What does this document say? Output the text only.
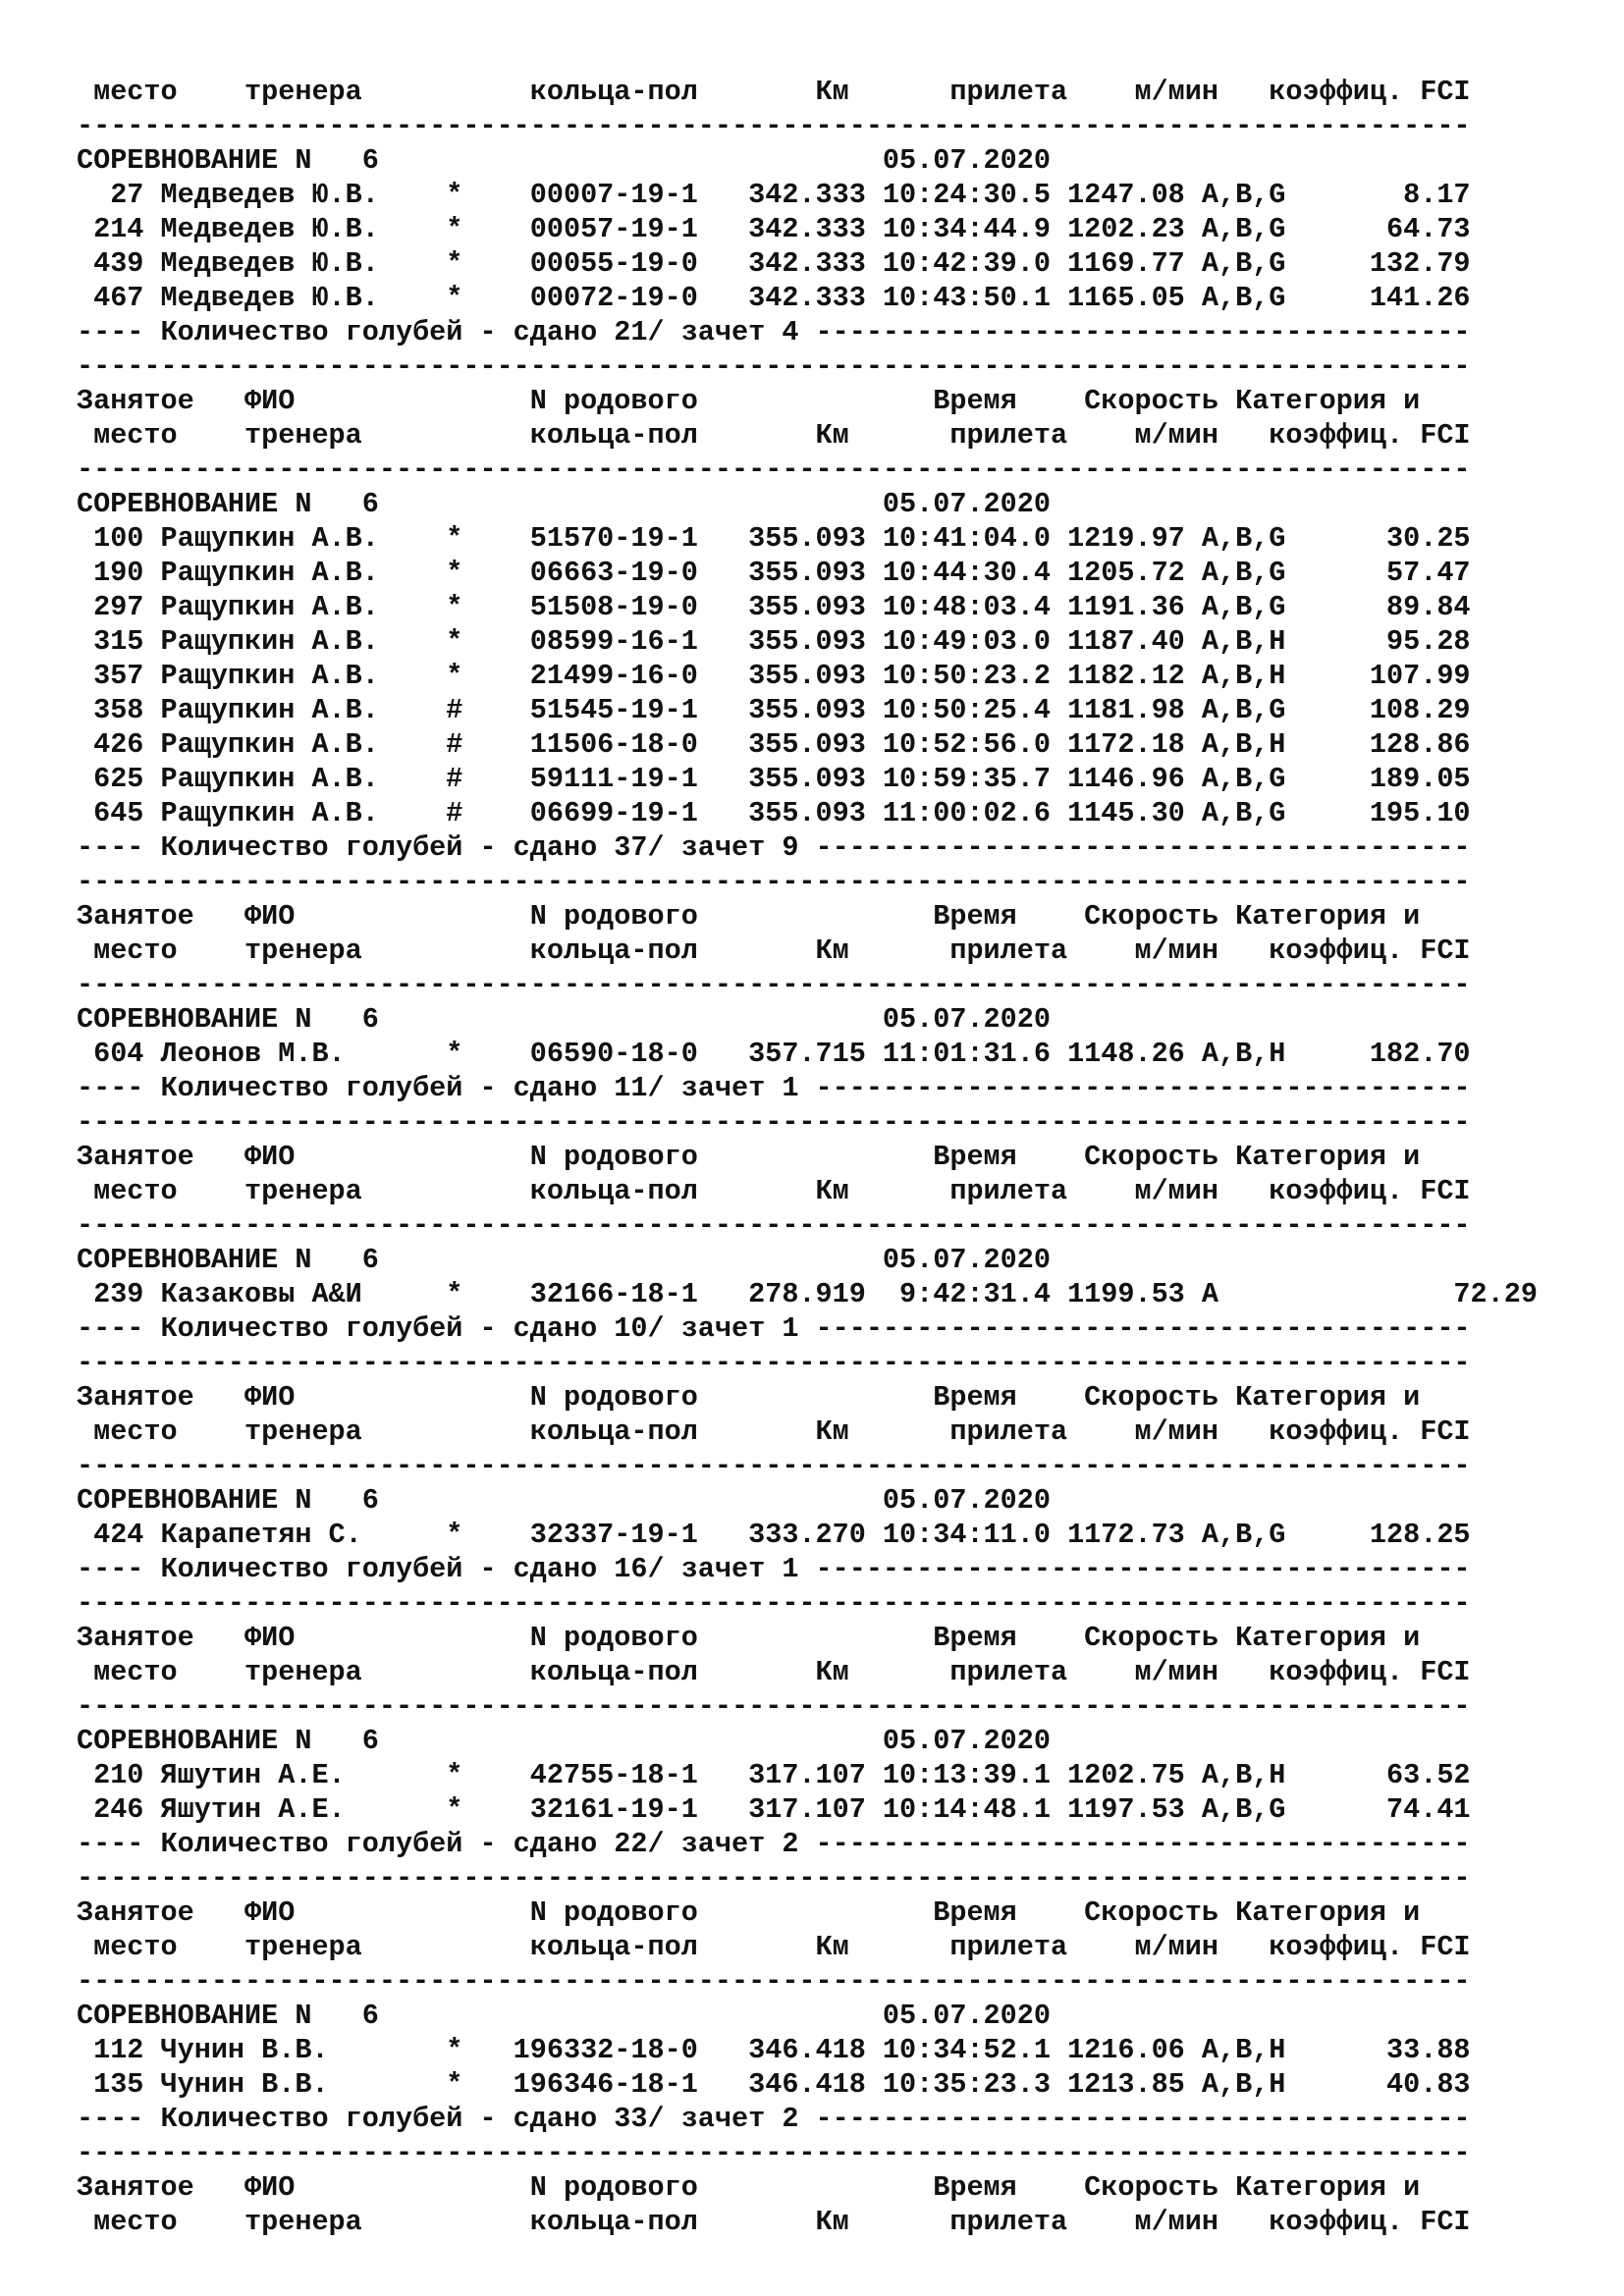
место    тренера          кольца-пол       Км      прилета    м/мин   коэффиц. FCI
-----------------------------------------------------------------------------------
СОРЕВНОВАНИЕ N   6                              05.07.2020
27 Медведев Ю.В.    *    00007-19-1   342.333 10:24:30.5 1247.08 A,B,G       8.17
214 Медведев Ю.В.    *    00057-19-1   342.333 10:34:44.9 1202.23 A,B,G      64.73
439 Медведев Ю.В.    *    00055-19-0   342.333 10:42:39.0 1169.77 A,B,G     132.79
467 Медведев Ю.В.    *    00072-19-0   342.333 10:43:50.1 1165.05 A,B,G     141.26
---- Количество голубей - сдано 21/ зачет 4 ---------------------------------------
-----------------------------------------------------------------------------------
Занятое   ФИО              N родового              Время    Скорость Категория и
место    тренера          кольца-пол       Км      прилета    м/мин   коэффиц. FCI
-----------------------------------------------------------------------------------
СОРЕВНОВАНИЕ N   6                              05.07.2020
100 Ращупкин А.В.    *    51570-19-1   355.093 10:41:04.0 1219.97 A,B,G      30.25
190 Ращупкин А.В.    *    06663-19-0   355.093 10:44:30.4 1205.72 A,B,G      57.47
297 Ращупкин А.В.    *    51508-19-0   355.093 10:48:03.4 1191.36 A,B,G      89.84
315 Ращупкин А.В.    *    08599-16-1   355.093 10:49:03.0 1187.40 A,B,H      95.28
357 Ращупкин А.В.    *    21499-16-0   355.093 10:50:23.2 1182.12 A,B,H     107.99
358 Ращупкин А.В.    #    51545-19-1   355.093 10:50:25.4 1181.98 A,B,G     108.29
426 Ращупкин А.В.    #    11506-18-0   355.093 10:52:56.0 1172.18 A,B,H     128.86
625 Ращупкин А.В.    #    59111-19-1   355.093 10:59:35.7 1146.96 A,B,G     189.05
645 Ращупкин А.В.    #    06699-19-1   355.093 11:00:02.6 1145.30 A,B,G     195.10
---- Количество голубей - сдано 37/ зачет 9 ---------------------------------------
-----------------------------------------------------------------------------------
Занятое   ФИО              N родового              Время    Скорость Категория и
место    тренера          кольца-пол       Км      прилета    м/мин   коэффиц. FCI
-----------------------------------------------------------------------------------
СОРЕВНОВАНИЕ N   6                              05.07.2020
604 Леонов М.В.      *    06590-18-0   357.715 11:01:31.6 1148.26 A,B,H     182.70
---- Количество голубей - сдано 11/ зачет 1 ---------------------------------------
-----------------------------------------------------------------------------------
Занятое   ФИО              N родового              Время    Скорость Категория и
место    тренера          кольца-пол       Км      прилета    м/мин   коэффиц. FCI
-----------------------------------------------------------------------------------
СОРЕВНОВАНИЕ N   6                              05.07.2020
239 Казаковы А&И     *    32166-18-1   278.919  9:42:31.4 1199.53 A              72.29
---- Количество голубей - сдано 10/ зачет 1 ---------------------------------------
-----------------------------------------------------------------------------------
Занятое   ФИО              N родового              Время    Скорость Категория и
место    тренера          кольца-пол       Км      прилета    м/мин   коэффиц. FCI
-----------------------------------------------------------------------------------
СОРЕВНОВАНИЕ N   6                              05.07.2020
424 Карапетян С.     *    32337-19-1   333.270 10:34:11.0 1172.73 A,B,G     128.25
---- Количество голубей - сдано 16/ зачет 1 ---------------------------------------
-----------------------------------------------------------------------------------
Занятое   ФИО              N родового              Время    Скорость Категория и
место    тренера          кольца-пол       Км      прилета    м/мин   коэффиц. FCI
-----------------------------------------------------------------------------------
СОРЕВНОВАНИЕ N   6                              05.07.2020
210 Яшутин А.Е.      *    42755-18-1   317.107 10:13:39.1 1202.75 A,B,H      63.52
246 Яшутин А.Е.      *    32161-19-1   317.107 10:14:48.1 1197.53 A,B,G      74.41
---- Количество голубей - сдано 22/ зачет 2 ---------------------------------------
-----------------------------------------------------------------------------------
Занятое   ФИО              N родового              Время    Скорость Категория и
место    тренера          кольца-пол       Км      прилета    м/мин   коэффиц. FCI
-----------------------------------------------------------------------------------
СОРЕВНОВАНИЕ N   6                              05.07.2020
112 Чунин В.В.       *   196332-18-0   346.418 10:34:52.1 1216.06 A,B,H      33.88
135 Чунин В.В.       *   196346-18-1   346.418 10:35:23.3 1213.85 A,B,H      40.83
---- Количество голубей - сдано 33/ зачет 2 ---------------------------------------
-----------------------------------------------------------------------------------
Занятое   ФИО              N родового              Время    Скорость Категория и
место    тренера          кольца-пол       Км      прилета    м/мин   коэффиц. FCI
